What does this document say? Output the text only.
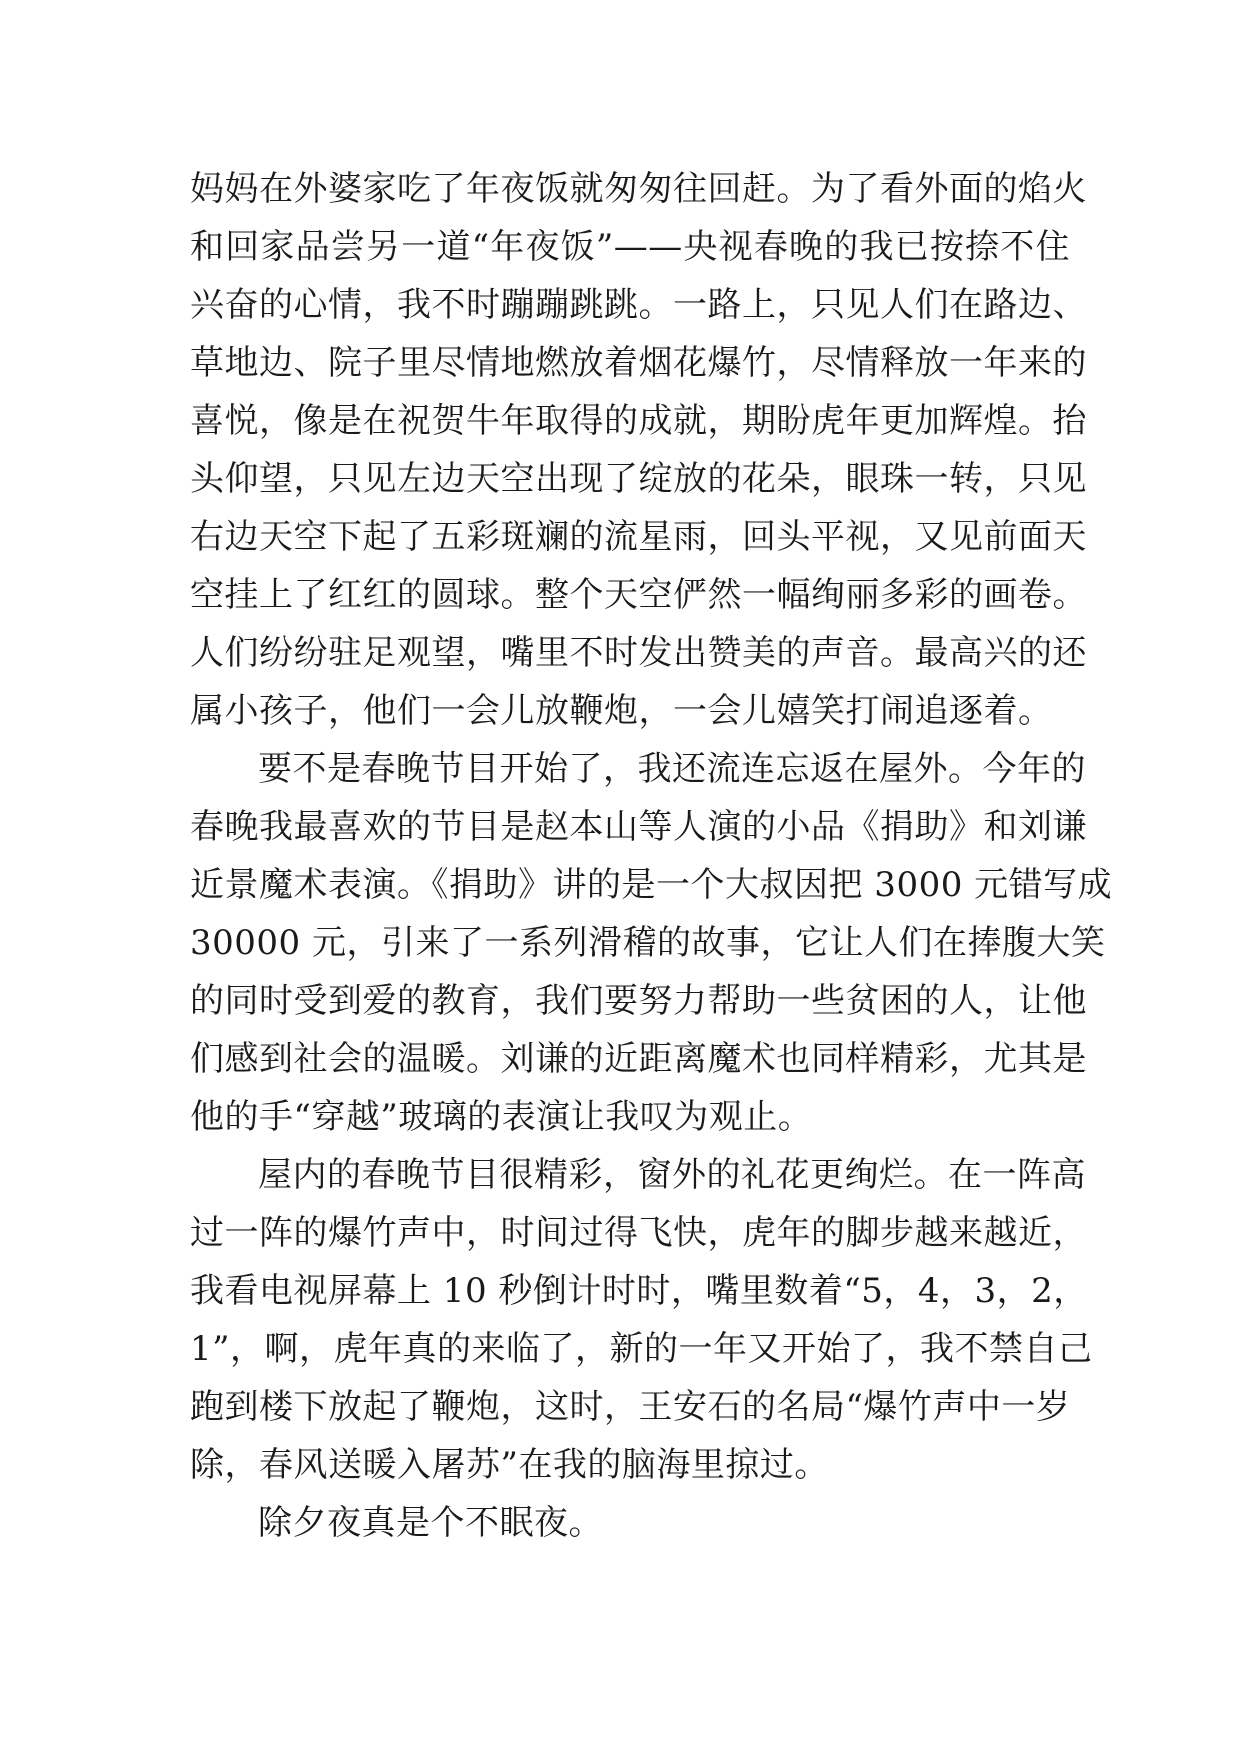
妈妈在外婆家吃了年夜饭就匆匆往回赶。为了看外面的焰火
和回家品尝另一道“年夜饭”——央视春晚的我已按捺不住
兴奋的心情，我不时蹦蹦跳跳。一路上，只见人们在路边、
草地边、院子里尽情地燃放着烟花爆竹，尽情释放一年来的
喜悦，像是在祝贺牛年取得的成就，期盼虎年更加辉煌。抬
头仰望，只见左边天空出现了绽放的花朵，眼珠一转，只见
右边天空下起了五彩斑斓的流星雨，回头平视，又见前面天
空挂上了红红的圆球。整个天空俨然一幅绚丽多彩的画卷。
人们纷纷驻足观望，嘴里不时发出赞美的声音。最高兴的还
属小孩子，他们一会儿放鞭炮，一会儿嬉笑打闹追逐着。
要不是春晚节目开始了，我还流连忘返在屋外。今年的
春晚我最喜欢的节目是赵本山等人演的小品《捐助》和刘谦
近景魔术表演。《捐助》讲的是一个大叔因把 3000 元错写成
30000 元，引来了一系列滑稽的故事，它让人们在捧腹大笑
的同时受到爱的教育，我们要努力帮助一些贫困的人，让他
们感到社会的温暖。刘谦的近距离魔术也同样精彩，尤其是
他的手“穿越”玻璃的表演让我叹为观止。
屋内的春晚节目很精彩，窗外的礼花更绚烂。在一阵高
过一阵的爆竹声中，时间过得飞快，虎年的脚步越来越近，
我看电视屏幕上 10 秒倒计时时，嘴里数着“5，4，3，2，
1”，啊，虎年真的来临了，新的一年又开始了，我不禁自己
跑到楼下放起了鞭炮，这时，王安石的名局“爆竹声中一岁
除，春风送暖入屠苏”在我的脑海里掠过。
除夕夜真是个不眠夜。
